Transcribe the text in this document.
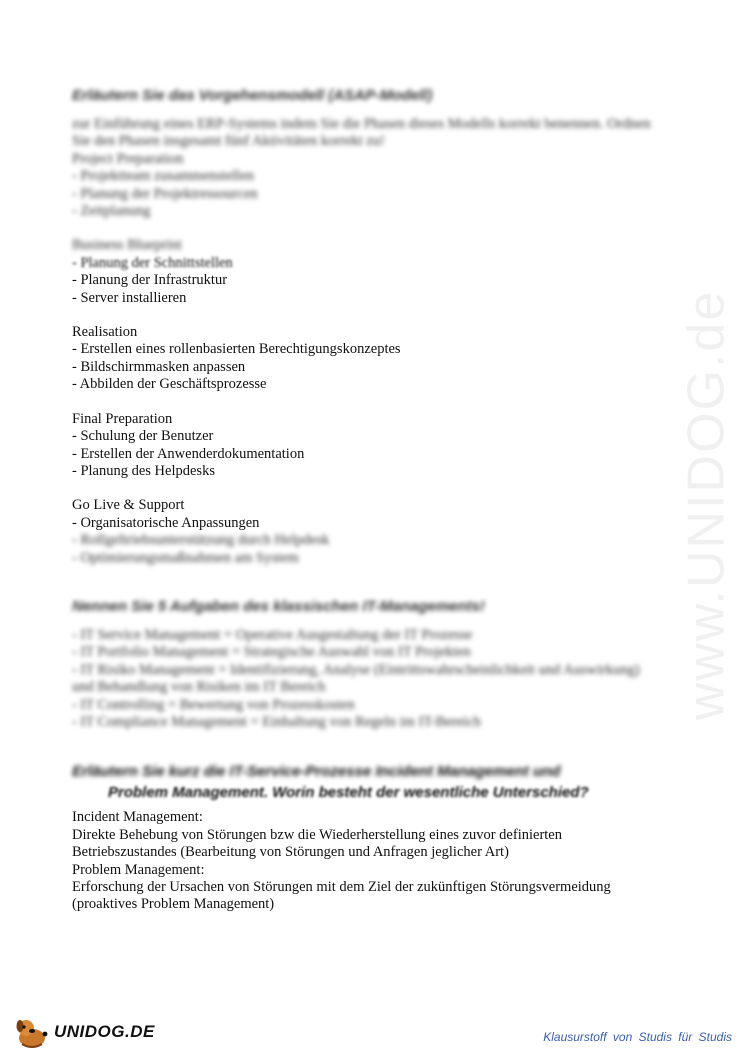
www.UNIDOG.de
Erläutern Sie das Vorgehensmodell (ASAP-Modell)
zur Einführung eines ERP-Systems indem Sie die Phasen dieses Modells korrekt benennen. Ordnen
Sie den Phasen insgesamt fünf Aktivitäten korrekt zu!
Project Preparation
- Projektteam zusammenstellen
- Planung der Projektressourcen
- Zeitplanung
Business Blueprint
- Planung der Schnittstellen
- Planung der Infrastruktur
- Server installieren
Realisation
- Erstellen eines rollenbasierten Berechtigungskonzeptes
- Bildschirmmasken anpassen
- Abbilden der Geschäftsprozesse
Final Preparation
- Schulung der Benutzer
- Erstellen der Anwenderdokumentation
- Planung des Helpdesks
Go Live & Support
- Organisatorische Anpassungen
- Rollgeltriebsunterstützung durch Helpdesk
- Optimierungsmaßnahmen am System
Nennen Sie 5 Aufgaben des klassischen IT-Managements!
- IT Service Management = Operative Ausgestaltung der IT Prozesse
- IT Portfolio Management = Strategische Auswahl von IT Projekten
- IT Risiko Management = Identifizierung, Analyse (Eintrittswahrscheinlichkeit und Auswirkung)
und Behandlung von Risiken im IT Bereich
- IT Controlling = Bewertung von Prozesskosten
- IT Compliance Management = Einhaltung von Regeln im IT-Bereich
Erläutern Sie kurz die IT-Service-Prozesse Incident Management und
Problem Management. Worin besteht der wesentliche Unterschied?
Incident Management:
Direkte Behebung von Störungen bzw die Wiederherstellung eines zuvor definierten
Betriebszustandes (Bearbeitung von Störungen und Anfragen jeglicher Art)
Problem Management:
Erforschung der Ursachen von Störungen mit dem Ziel der zukünftigen Störungsvermeidung
(proaktives Problem Management)
UNIDOG.DE	Klausurstoff von Studis für Studis
